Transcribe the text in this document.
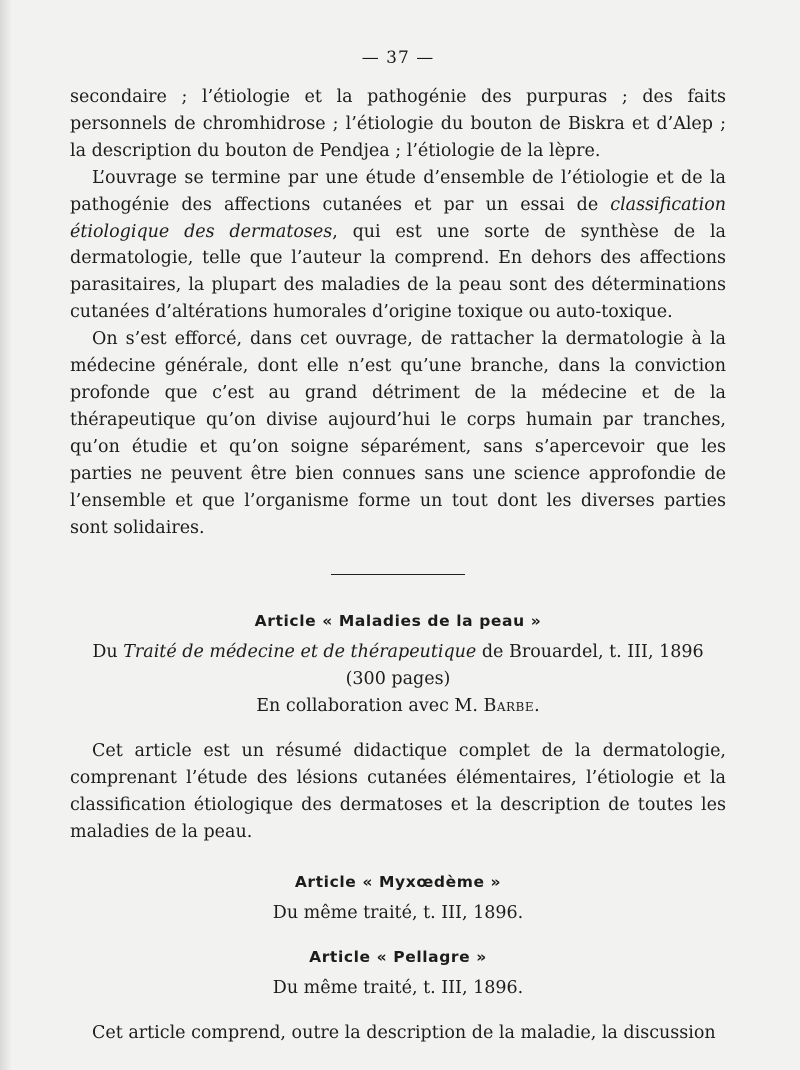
— 37 —

secondaire ; l’étiologie et la pathogénie des purpuras ; des faits personnels de chromhidrose ; l’étiologie du bouton de Biskra et d’Alep ; la description du bouton de Pendjea ; l’étiologie de la lèpre.

L’ouvrage se termine par une étude d’ensemble de l’étiologie et de la pathogénie des affections cutanées et par un essai de classification étiologique des dermatoses, qui est une sorte de synthèse de la dermatologie, telle que l’auteur la comprend. En dehors des affections parasitaires, la plupart des maladies de la peau sont des déterminations cutanées d’altérations humorales d’origine toxique ou auto-toxique.

On s’est efforcé, dans cet ouvrage, de rattacher la dermatologie à la médecine générale, dont elle n’est qu’une branche, dans la conviction profonde que c’est au grand détriment de la médecine et de la thérapeutique qu’on divise aujourd’hui le corps humain par tranches, qu’on étudie et qu’on soigne séparément, sans s’apercevoir que les parties ne peuvent être bien connues sans une science approfondie de l’ensemble et que l’organisme forme un tout dont les diverses parties sont solidaires.

Article « Maladies de la peau »

Du Traité de médecine et de thérapeutique de Brouardel, t. III, 1896 (300 pages)

En collaboration avec M. Barbe.

Cet article est un résumé didactique complet de la dermatologie, comprenant l’étude des lésions cutanées élémentaires, l’étiologie et la classification étiologique des dermatoses et la description de toutes les maladies de la peau.

Article « Myxœdème »

Du même traité, t. III, 1896.

Article « Pellagre »

Du même traité, t. III, 1896.

Cet article comprend, outre la description de la maladie, la discussion
